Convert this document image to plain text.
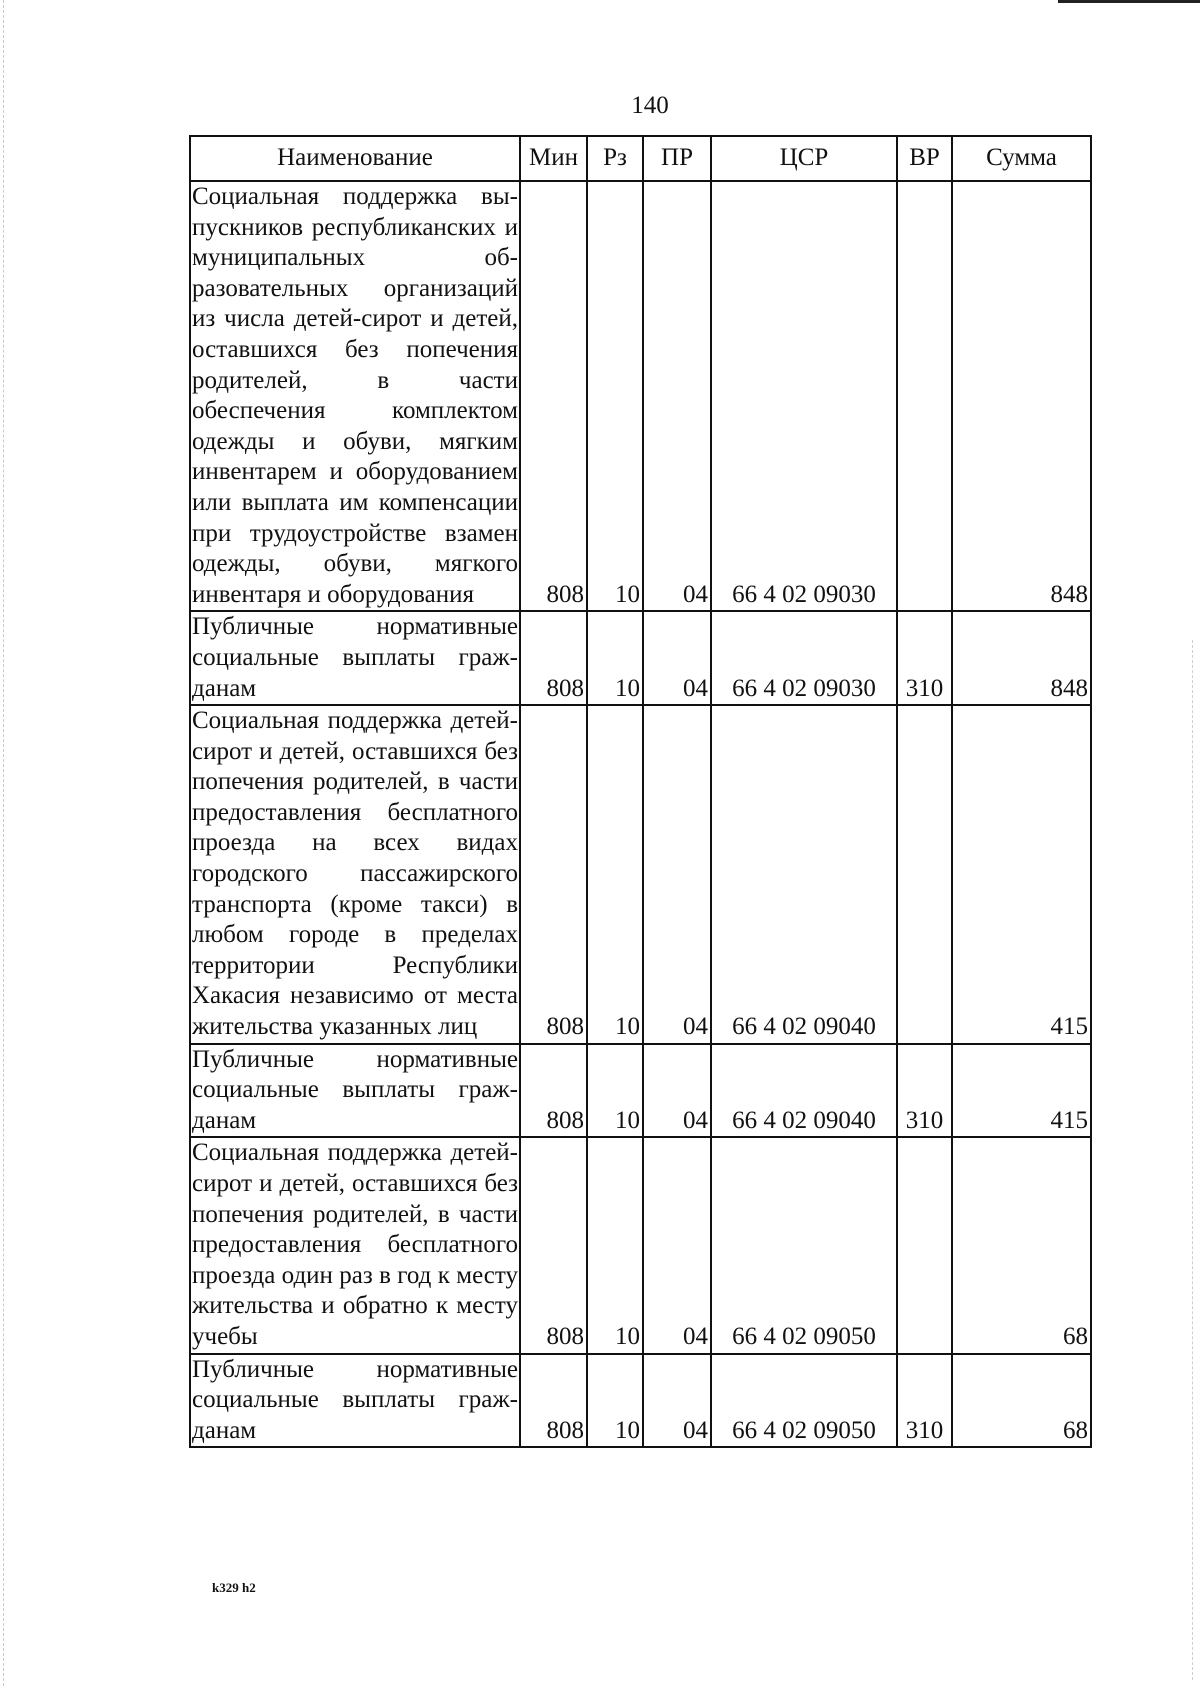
140
Наименование	Мин	Рз	ПР	ЦСР	ВР	Сумма
Социальная поддержка выпускников республиканских и муниципальных образовательных организаций из числа детей-сирот и детей, оставшихся без попечения родителей, в части обеспечения комплектом одежды и обуви, мягким инвентарем и оборудованием или выплата им компенсации при трудоустройстве взамен одежды, обуви, мягкого инвентаря и оборудования	808	10	04	66 4 02 09030		848
Публичные нормативные социальные выплаты гражданам	808	10	04	66 4 02 09030	310	848
Социальная поддержка детей-сирот и детей, оставшихся без попечения родителей, в части предоставления бесплатного проезда на всех видах городского пассажирского транспорта (кроме такси) в любом городе в пределах территории Республики Хакасия независимо от места жительства указанных лиц	808	10	04	66 4 02 09040		415
Публичные нормативные социальные выплаты гражданам	808	10	04	66 4 02 09040	310	415
Социальная поддержка детей-сирот и детей, оставшихся без попечения родителей, в части предоставления бесплатного проезда один раз в год к месту жительства и обратно к месту учебы	808	10	04	66 4 02 09050		68
Публичные нормативные социальные выплаты гражданам	808	10	04	66 4 02 09050	310	68
k329 h2
